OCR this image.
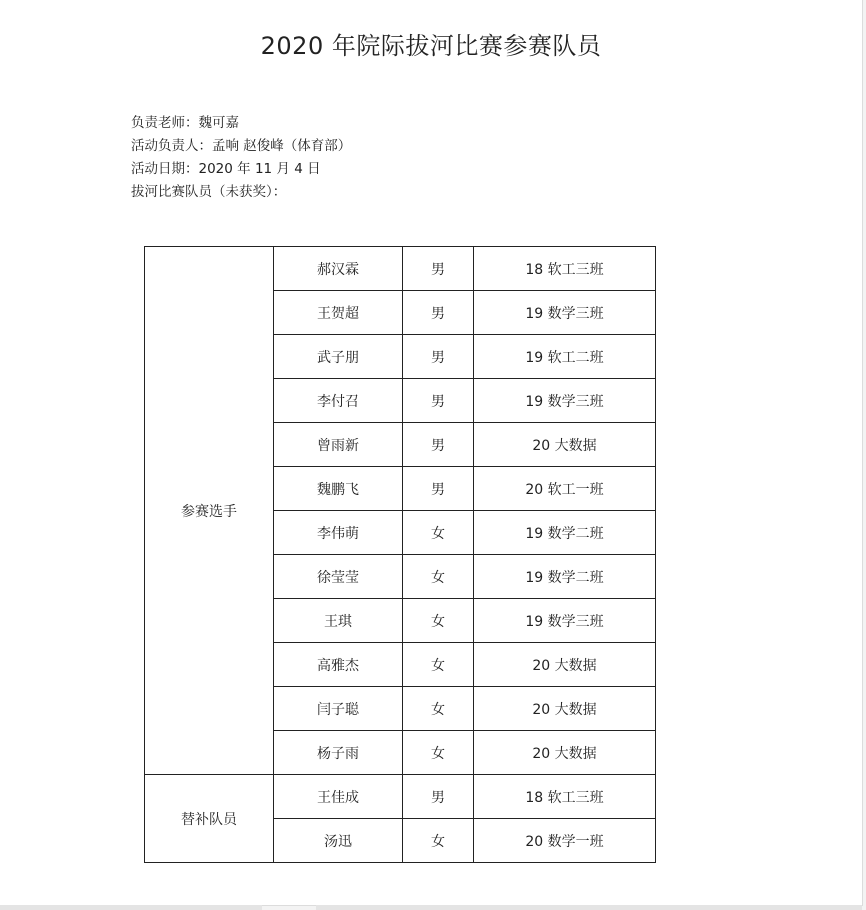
2020 年院际拔河比赛参赛队员
负责老师：魏可嘉
活动负责人：孟响 赵俊峰（体育部）
活动日期：2020 年 11 月 4 日
拔河比赛队员（未获奖）：
参赛选手	郝汉霖	男	18 软工三班
	王贺超	男	19 数学三班
	武子朋	男	19 软工二班
	李付召	男	19 数学三班
	曾雨新	男	20 大数据
	魏鹏飞	男	20 软工一班
	李伟萌	女	19 数学二班
	徐莹莹	女	19 数学二班
	王琪	女	19 数学三班
	高雅杰	女	20 大数据
	闫子聪	女	20 大数据
	杨子雨	女	20 大数据
替补队员	王佳成	男	18 软工三班
	汤迅	女	20 数学一班
